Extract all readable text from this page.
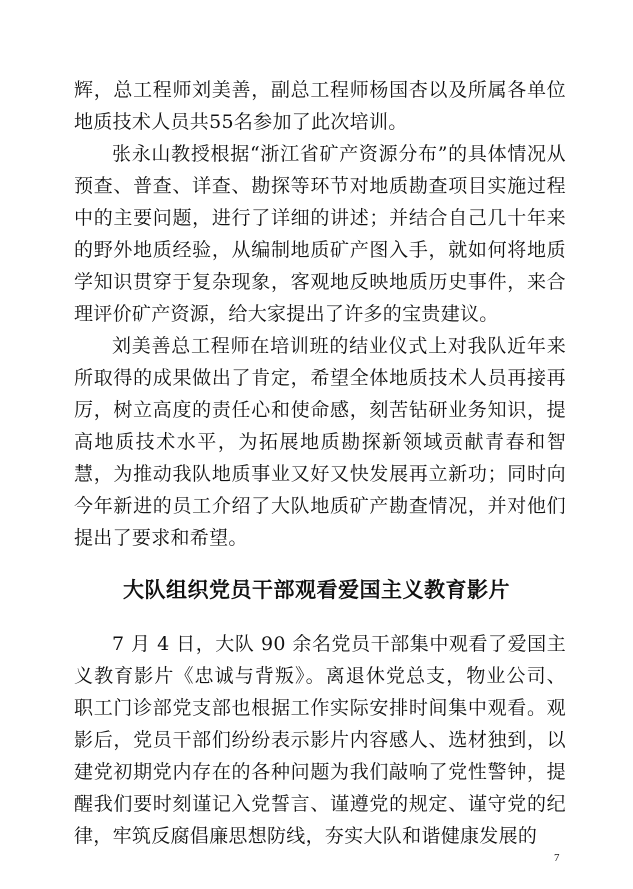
辉，总工程师刘美善，副总工程师杨国杏以及所属各单位地质技术人员共55名参加了此次培训。

张永山教授根据“浙江省矿产资源分布”的具体情况从预查、普查、详查、勘探等环节对地质勘查项目实施过程中的主要问题，进行了详细的讲述；并结合自己几十年来的野外地质经验，从编制地质矿产图入手，就如何将地质学知识贯穿于复杂现象，客观地反映地质历史事件，来合理评价矿产资源，给大家提出了许多的宝贵建议。

刘美善总工程师在培训班的结业仪式上对我队近年来所取得的成果做出了肯定，希望全体地质技术人员再接再厉，树立高度的责任心和使命感，刻苦钻研业务知识，提高地质技术水平，为拓展地质勘探新领域贡献青春和智慧，为推动我队地质事业又好又快发展再立新功；同时向今年新进的员工介绍了大队地质矿产勘查情况，并对他们提出了要求和希望。

大队组织党员干部观看爱国主义教育影片

7 月 4 日，大队 90 余名党员干部集中观看了爱国主义教育影片《忠诚与背叛》。离退休党总支，物业公司、职工门诊部党支部也根据工作实际安排时间集中观看。观影后，党员干部们纷纷表示影片内容感人、选材独到，以建党初期党内存在的各种问题为我们敲响了党性警钟，提醒我们要时刻谨记入党誓言、谨遵党的规定、谨守党的纪律，牢筑反腐倡廉思想防线，夯实大队和谐健康发展的

7
